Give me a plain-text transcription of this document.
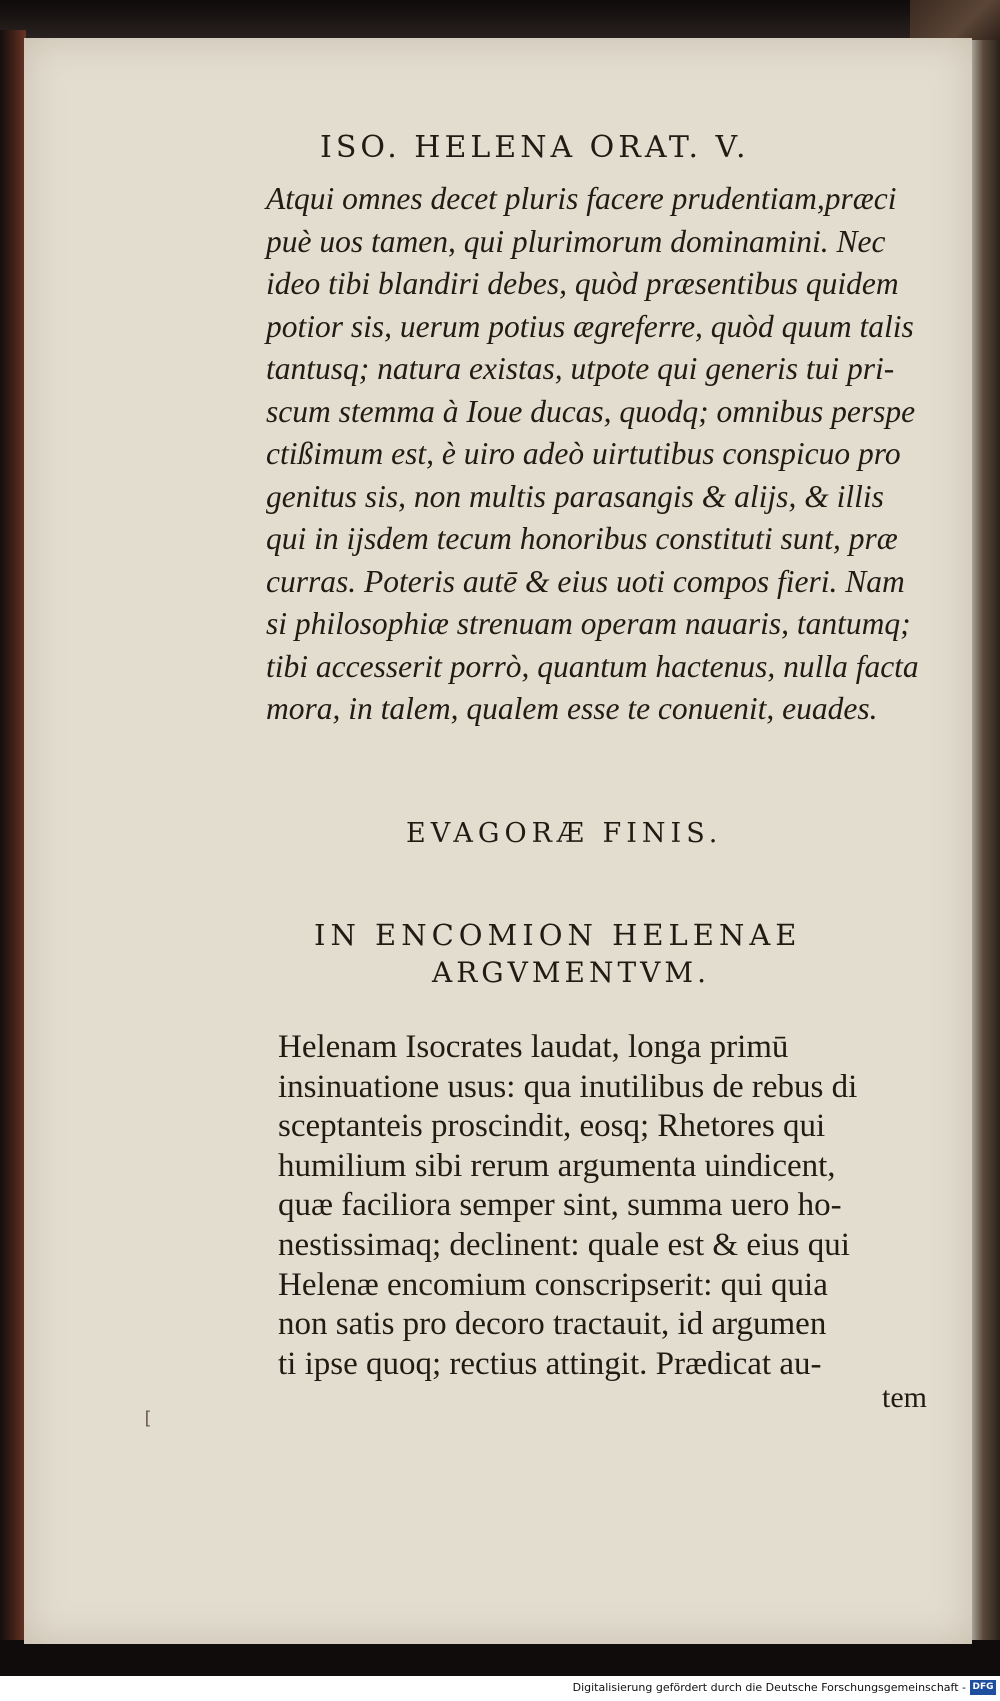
ISO. HELENA ORAT. V.
Atqui omnes decet pluris facere prudentiam,præci
puè uos tamen, qui plurimorum dominamini. Nec
ideo tibi blandiri debes, quòd præsentibus quidem
potior sis, uerum potius ægreferre, quòd quum talis
tantusq; natura existas, utpote qui generis tui pri-
scum stemma à Ioue ducas, quodq; omnibus perspe
ctißimum est, è uiro adeò uirtutibus conspicuo pro
genitus sis, non multis parasangis & alijs, & illis
qui in ijsdem tecum honoribus constituti sunt, præ
curras. Poteris autē & eius uoti compos fieri. Nam
si philosophiæ strenuam operam nauaris, tantumq;
tibi accesserit porrò, quantum hactenus, nulla facta
mora, in talem, qualem esse te conuenit, euades.
EVAGORÆ FINIS.
IN ENCOMION HELENAE
ARGVMENTVM.
Helenam Isocrates laudat, longa primū
insinuatione usus: qua inutilibus de rebus di
sceptanteis proscindit, eosq; Rhetores qui
humilium sibi rerum argumenta uindicent,
quæ faciliora semper sint, summa uero ho-
nestissimaq; declinent: quale est & eius qui
Helenæ encomium conscripserit: qui quia
non satis pro decoro tractauit, id argumen
ti ipse quoq; rectius attingit. Prædicat au-
tem
[
Digitalisierung gefördert durch die Deutsche Forschungsgemeinschaft - DFG
